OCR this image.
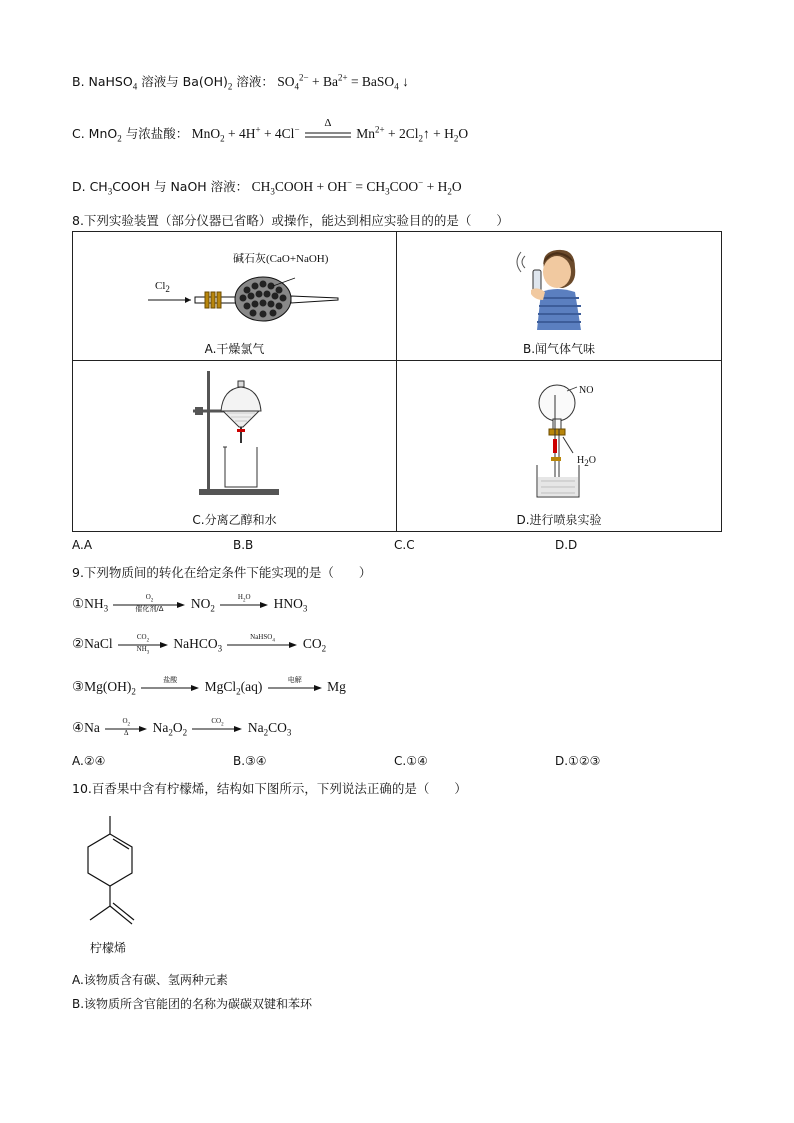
B. NaHSO$_4$ 溶液与 $Ba(OH)_2$ 溶液： $SO_4^{2-} + Ba^{2+}$ = BaSO$_4$ ↓
C. MnO$_2$ 与浓盐酸： MnO$_2$ + 4H+ + 4Cl−
Δ
$Mn^{2+}$ + $2Cl_2↑ + H_2O$
D. $CH_3COOH$ 与 NaOH 溶液： $CH_3COOH + OH^- = CH_3COO^- + H_2O$
8.下列实验装置（部分仪器已省略）或操作，能达到相应实验目的的是（　　）
碱石灰(CaO+NaOH)
$Cl_2$
A.干燥氯气	B.闻气体气味
C.分离乙醇和水
NO
$H_2O$
D.进行喷泉实验
A.A	B.B	C.C	D.D
9.下列物质间的转化在给定条件下能实现的是（　　）
$①NH_3$
$O_2$
催化剂/Δ	$NO_2$
$H_2O$	$HNO_3$
②NaCl	$CO_2$
$NH_3$
NaHCO$_3$
NaHSO$_4$	$CO_2$
$③Mg(OH)_2$
盐酸	MgCl$_2$(aq)	电解	Mg
④Na	$O_2$
Δ	$Na_2O_2$
$CO_2$	$Na_2CO_3$
A.②④	B.③④	C.①④	D.①②③
10.百香果中含有柠檬烯，结构如下图所示，下列说法正确的是（　　）
柠檬烯
A.该物质含有碳、氢两种元素
B.该物质所含官能团的名称为碳碳双键和苯环
